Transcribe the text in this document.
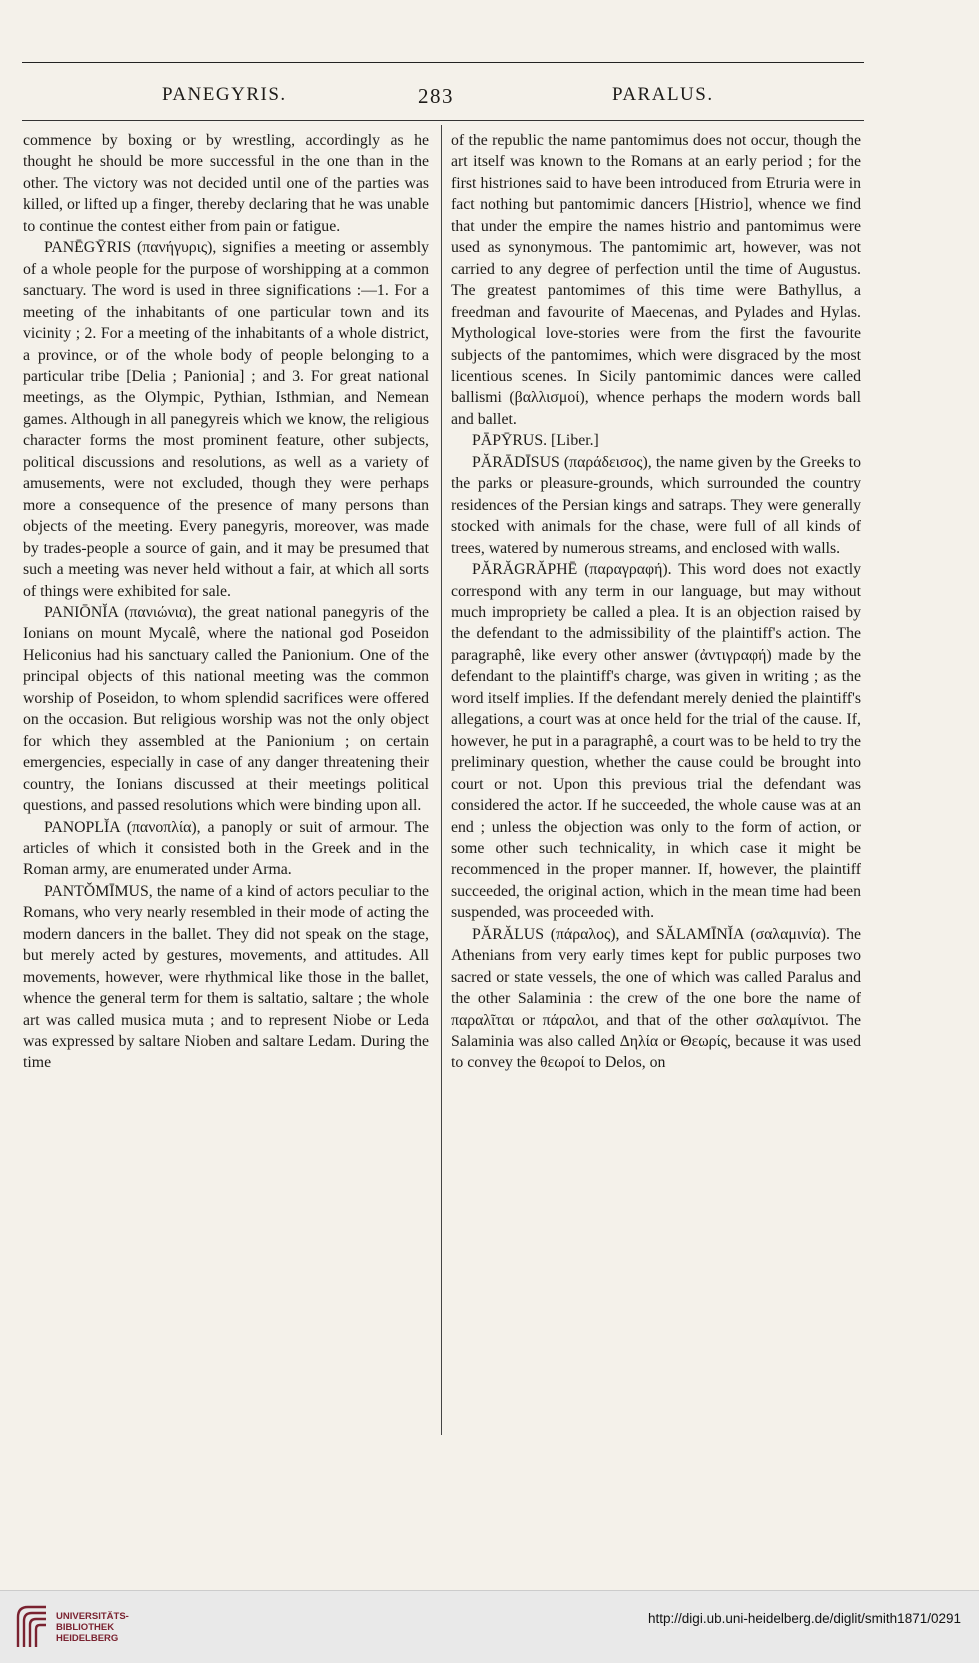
PANEGYRIS.	283	PARALUS.

commence by boxing or by wrestling, accordingly as he thought he should be more successful in the one than in the other. The victory was not decided until one of the parties was killed, or lifted up a finger, thereby declaring that he was unable to continue the contest either from pain or fatigue.

PANĒGȲRIS (πανήγυρις), signifies a meeting or assembly of a whole people for the purpose of worshipping at a common sanctuary. The word is used in three significations :—1. For a meeting of the inhabitants of one particular town and its vicinity ; 2. For a meeting of the inhabitants of a whole district, a province, or of the whole body of people belonging to a particular tribe [Delia ; Panionia] ; and 3. For great national meetings, as the Olympic, Pythian, Isthmian, and Nemean games. Although in all panegyreis which we know, the religious character forms the most prominent feature, other subjects, political discussions and resolutions, as well as a variety of amusements, were not excluded, though they were perhaps more a consequence of the presence of many persons than objects of the meeting. Every panegyris, moreover, was made by trades-people a source of gain, and it may be presumed that such a meeting was never held without a fair, at which all sorts of things were exhibited for sale.

PANIŌNĬA (πανιώνια), the great national panegyris of the Ionians on mount Mycalê, where the national god Poseidon Heliconius had his sanctuary called the Panionium. One of the principal objects of this national meeting was the common worship of Poseidon, to whom splendid sacrifices were offered on the occasion. But religious worship was not the only object for which they assembled at the Panionium ; on certain emergencies, especially in case of any danger threatening their country, the Ionians discussed at their meetings political questions, and passed resolutions which were binding upon all.

PANOPLĬA (πανοπλία), a panoply or suit of armour. The articles of which it consisted both in the Greek and in the Roman army, are enumerated under Arma.

PANTŎMĪMUS, the name of a kind of actors peculiar to the Romans, who very nearly resembled in their mode of acting the modern dancers in the ballet. They did not speak on the stage, but merely acted by gestures, movements, and attitudes. All movements, however, were rhythmical like those in the ballet, whence the general term for them is saltatio, saltare ; the whole art was called musica muta ; and to represent Niobe or Leda was expressed by saltare Nioben and saltare Ledam. During the time

of the republic the name pantomimus does not occur, though the art itself was known to the Romans at an early period ; for the first histriones said to have been introduced from Etruria were in fact nothing but pantomimic dancers [Histrio], whence we find that under the empire the names histrio and pantomimus were used as synonymous. The pantomimic art, however, was not carried to any degree of perfection until the time of Augustus. The greatest pantomimes of this time were Bathyllus, a freedman and favourite of Maecenas, and Pylades and Hylas. Mythological love-stories were from the first the favourite subjects of the pantomimes, which were disgraced by the most licentious scenes. In Sicily pantomimic dances were called ballismi (βαλλισμοί), whence perhaps the modern words ball and ballet.

PĀPȲRUS. [Liber.]

PĂRĀDĪSUS (παράδεισος), the name given by the Greeks to the parks or pleasure-grounds, which surrounded the country residences of the Persian kings and satraps. They were generally stocked with animals for the chase, were full of all kinds of trees, watered by numerous streams, and enclosed with walls.

PĂRĂGRĂPHĒ (παραγραφή). This word does not exactly correspond with any term in our language, but may without much impropriety be called a plea. It is an objection raised by the defendant to the admissibility of the plaintiff's action. The paragraphê, like every other answer (ἀντιγραφή) made by the defendant to the plaintiff's charge, was given in writing ; as the word itself implies. If the defendant merely denied the plaintiff's allegations, a court was at once held for the trial of the cause. If, however, he put in a paragraphê, a court was to be held to try the preliminary question, whether the cause could be brought into court or not. Upon this previous trial the defendant was considered the actor. If he succeeded, the whole cause was at an end ; unless the objection was only to the form of action, or some other such technicality, in which case it might be recommenced in the proper manner. If, however, the plaintiff succeeded, the original action, which in the mean time had been suspended, was proceeded with.

PĂRĂLUS (πάραλος), and SĂLAMĪNĬA (σαλαμινία). The Athenians from very early times kept for public purposes two sacred or state vessels, the one of which was called Paralus and the other Salaminia : the crew of the one bore the name of παραλῖται or πάραλοι, and that of the other σαλαμίνιοι. The Salaminia was also called Δηλία or Θεωρίς, because it was used to convey the θεωροί to Delos, on

UNIVERSITÄTS-
BIBLIOTHEK
HEIDELBERG
http://digi.ub.uni-heidelberg.de/diglit/smith1871/0291
